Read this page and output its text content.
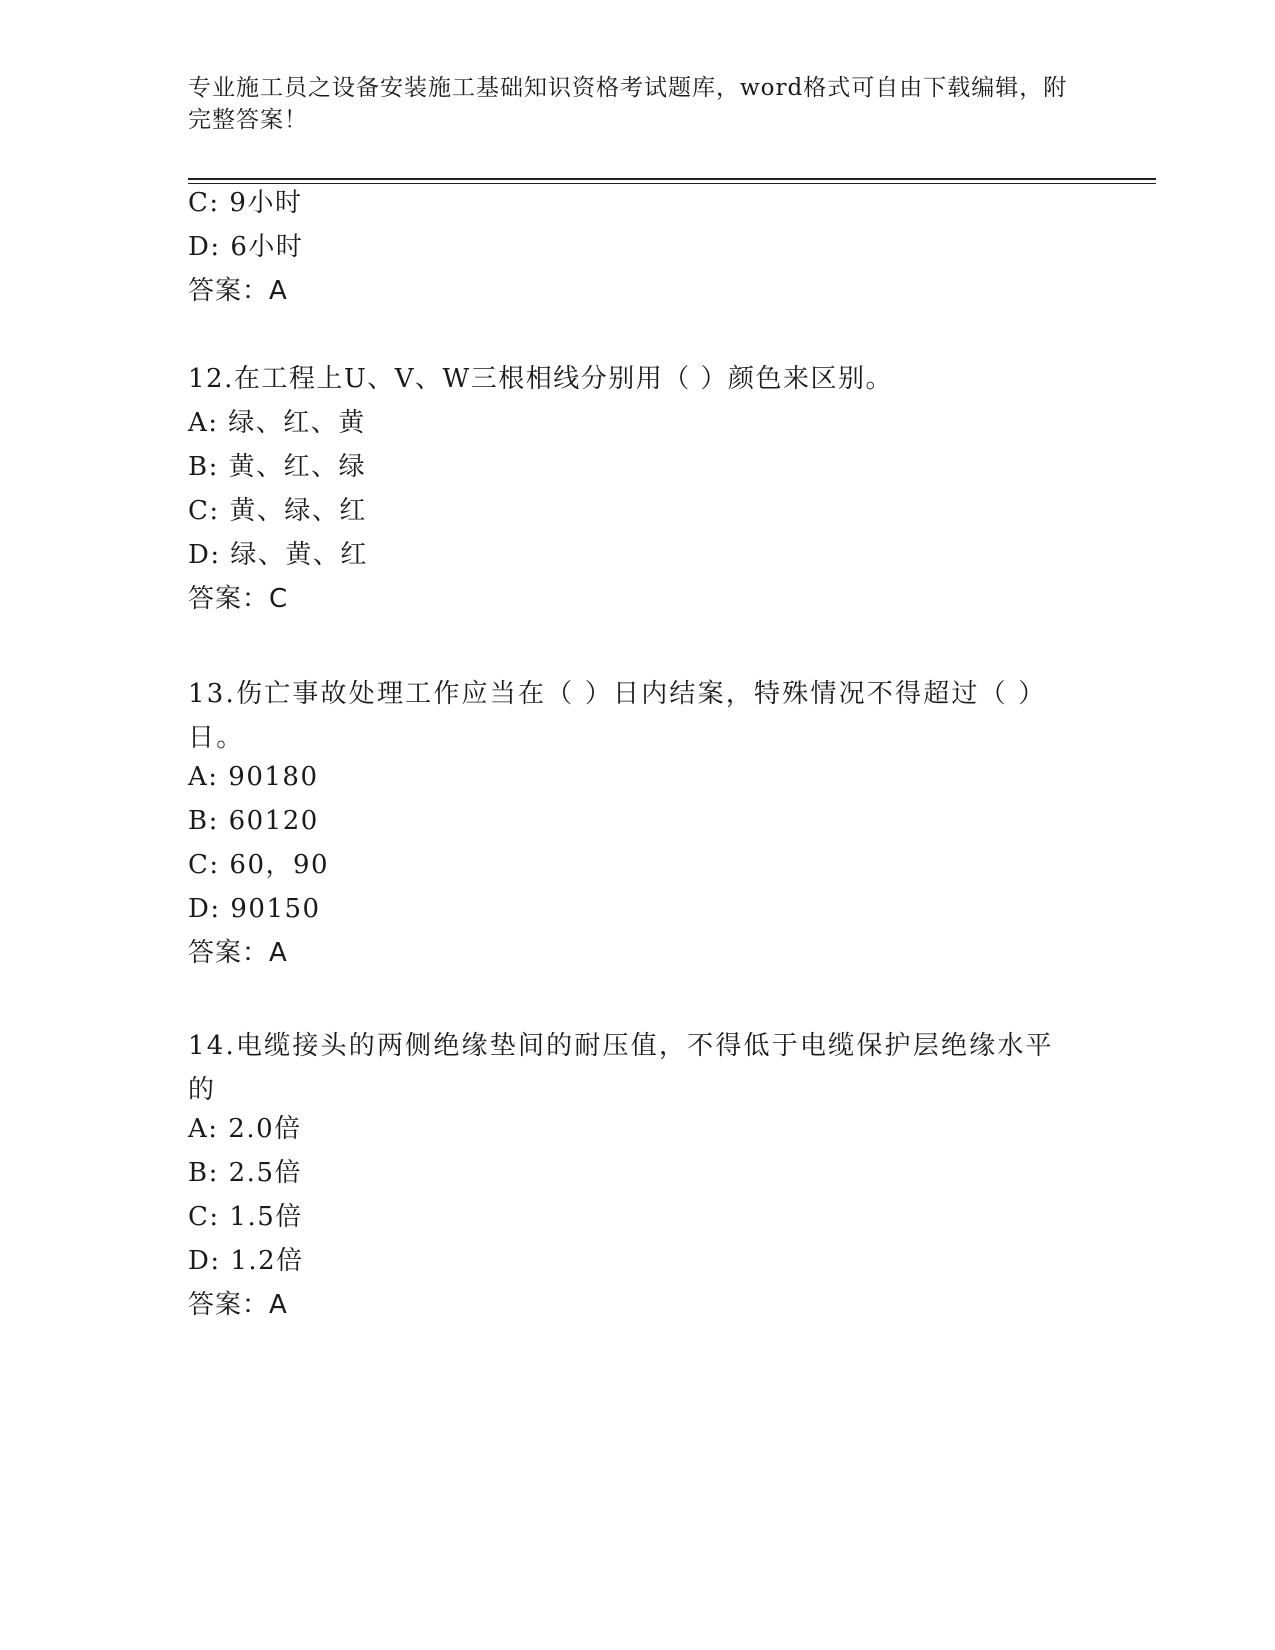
专业施工员之设备安装施工基础知识资格考试题库，word格式可自由下载编辑，附完整答案！
C: 9小时
D: 6小时
答案：A
12.在工程上U、V、W三根相线分别用（ ）颜色来区别。
A: 绿、红、黄
B: 黄、红、绿
C: 黄、绿、红
D: 绿、黄、红
答案：C
13.伤亡事故处理工作应当在（ ）日内结案，特殊情况不得超过（ ）日。
A: 90180
B: 60120
C: 60，90
D: 90150
答案：A
14.电缆接头的两侧绝缘垫间的耐压值，不得低于电缆保护层绝缘水平的
A: 2.0倍
B: 2.5倍
C: 1.5倍
D: 1.2倍
答案：A
